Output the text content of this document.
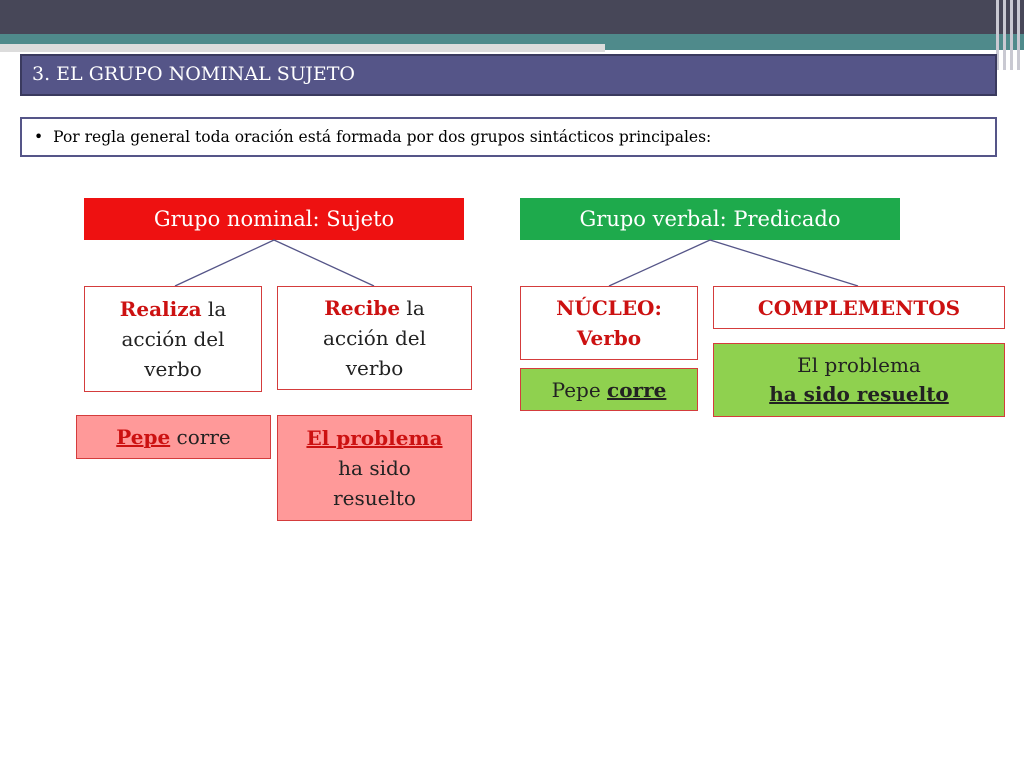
3. EL GRUPO NOMINAL SUJETO
• Por regla general toda oración está formada por dos grupos sintácticos principales:
Grupo nominal: Sujeto	Grupo verbal: Predicado
Realiza la
acción del
verbo
Recibe la
acción del
verbo
Pepe corre	El problema
ha sido
resuelto
NÚCLEO:
Verbo
COMPLEMENTOS
Pepe corre
El problema
ha sido resuelto
